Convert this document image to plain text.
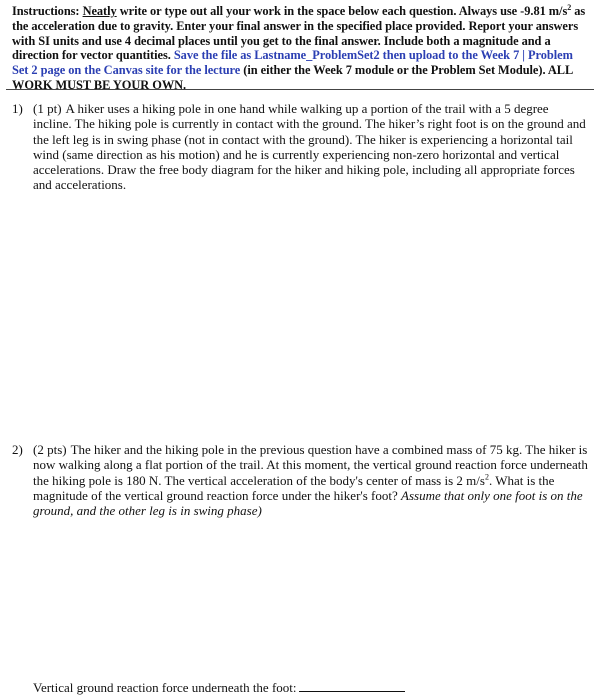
Instructions: Neatly write or type out all your work in the space below each question. Always use -9.81 $m/s^2$ as the acceleration due to gravity. Enter your final answer in the specified place provided. Report your answers with SI units and use 4 decimal places until you get to the final answer. Include both a magnitude and a direction for vector quantities. Save the file as Lastname_ProblemSet2 then upload to the Week 7 | Problem Set 2 page on the Canvas site for the lecture (in either the Week 7 module or the Problem Set Module). ALL WORK MUST BE YOUR OWN.
1) (1 pt) A hiker uses a hiking pole in one hand while walking up a portion of the trail with a 5 degree incline. The hiking pole is currently in contact with the ground. The hiker’s right foot is on the ground and the left leg is in swing phase (not in contact with the ground). The hiker is experiencing a horizontal tail wind (same direction as his motion) and he is currently experiencing non-zero horizontal and vertical accelerations. Draw the free body diagram for the hiker and hiking pole, including all appropriate forces and accelerations.
2) (2 pts) The hiker and the hiking pole in the previous question have a combined mass of 75 kg. The hiker is now walking along a flat portion of the trail. At this moment, the vertical ground reaction force underneath the hiking pole is 180 N. The vertical acceleration of the body's center of mass is 2 $m/s^2$. What is the magnitude of the vertical ground reaction force under the hiker's foot? Assume that only one foot is on the ground, and the other leg is in swing phase)
Vertical ground reaction force underneath the foot:
